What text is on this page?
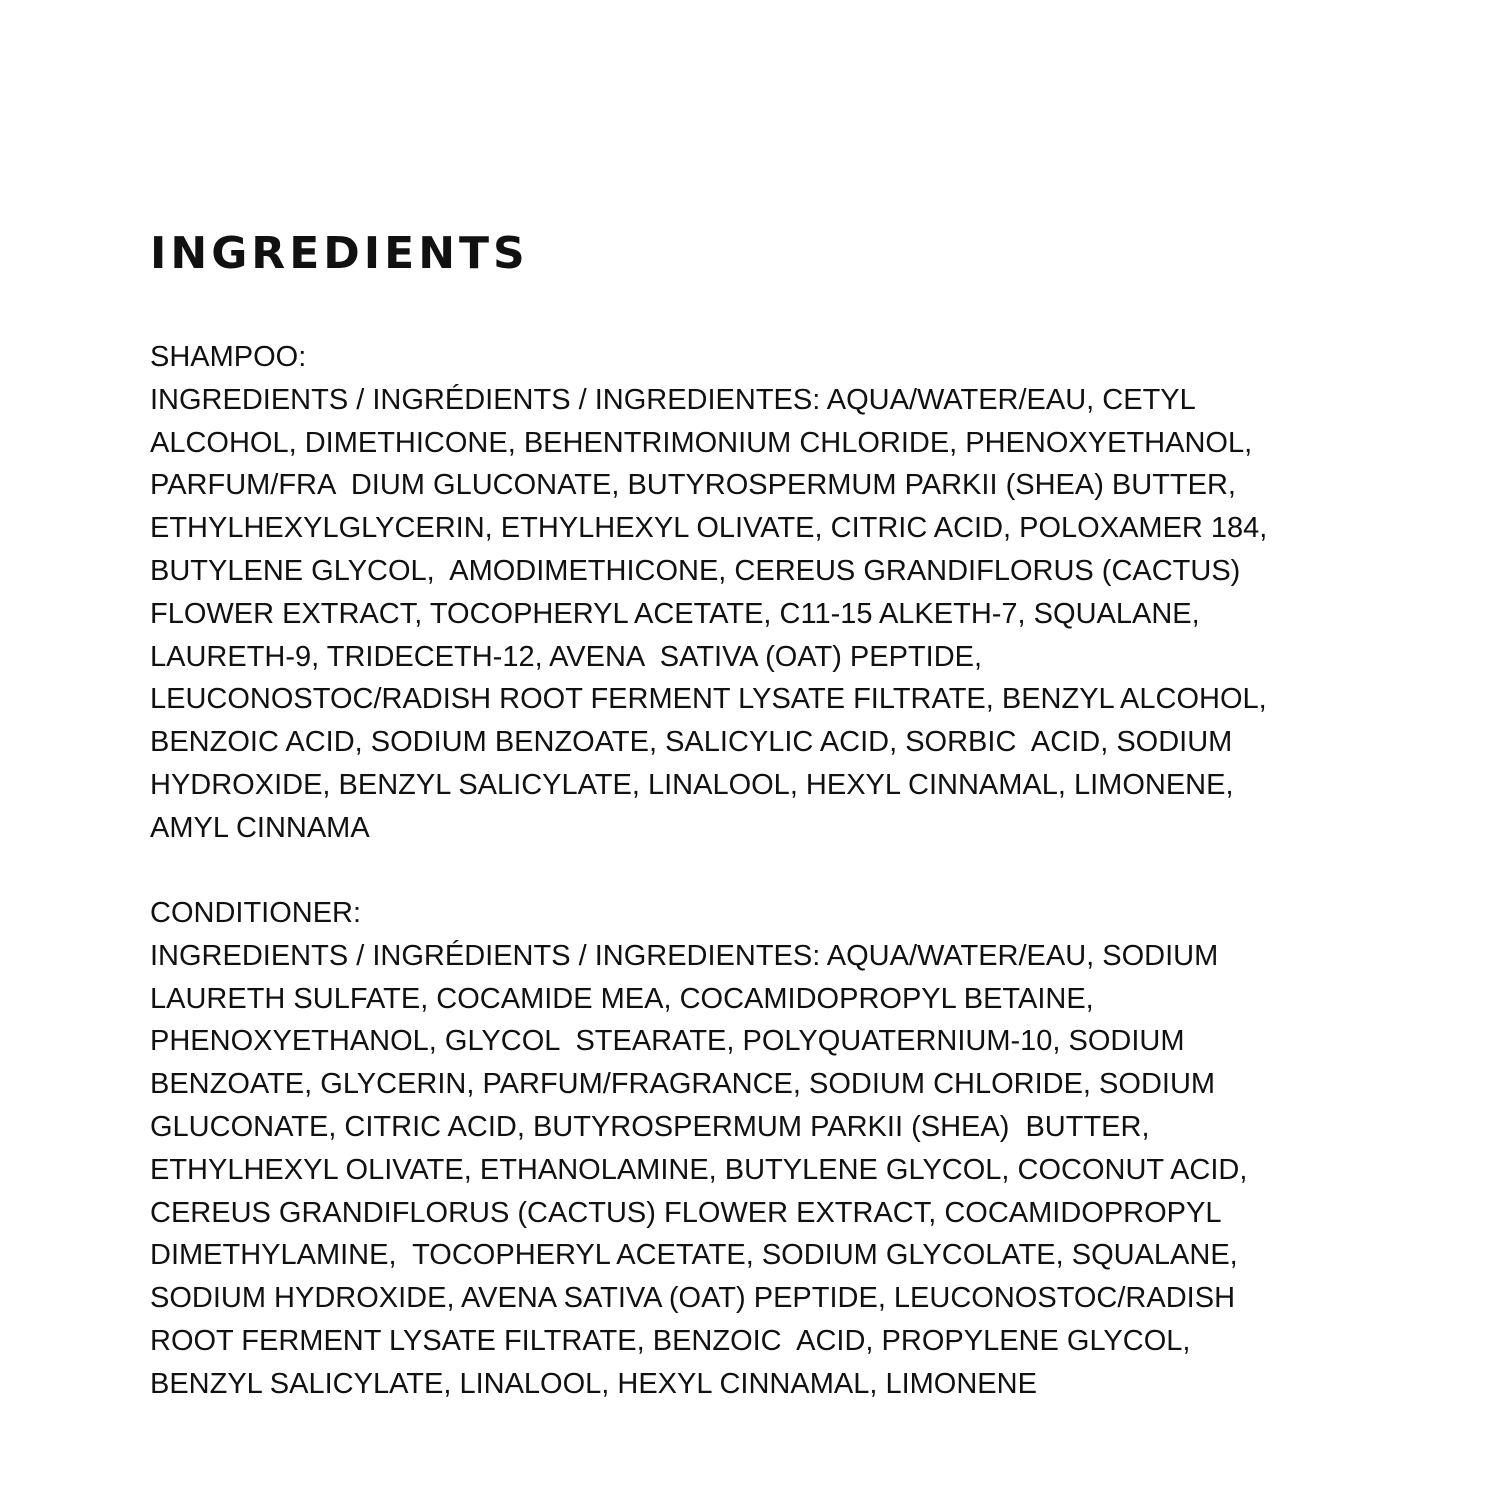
INGREDIENTS

SHAMPOO:

INGREDIENTS / INGRÉDIENTS / INGREDIENTES: AQUA/WATER/EAU, CETYL

ALCOHOL, DIMETHICONE, BEHENTRIMONIUM CHLORIDE, PHENOXYETHANOL,

PARFUM/FRA  DIUM GLUCONATE, BUTYROSPERMUM PARKII (SHEA) BUTTER,

ETHYLHEXYLGLYCERIN, ETHYLHEXYL OLIVATE, CITRIC ACID, POLOXAMER 184,

BUTYLENE GLYCOL,  AMODIMETHICONE, CEREUS GRANDIFLORUS (CACTUS)

FLOWER EXTRACT, TOCOPHERYL ACETATE, C11-15 ALKETH-7, SQUALANE,

LAURETH-9, TRIDECETH-12, AVENA  SATIVA (OAT) PEPTIDE,

LEUCONOSTOC/RADISH ROOT FERMENT LYSATE FILTRATE, BENZYL ALCOHOL,

BENZOIC ACID, SODIUM BENZOATE, SALICYLIC ACID, SORBIC  ACID, SODIUM

HYDROXIDE, BENZYL SALICYLATE, LINALOOL, HEXYL CINNAMAL, LIMONENE,

AMYL CINNAMA

CONDITIONER:

INGREDIENTS / INGRÉDIENTS / INGREDIENTES: AQUA/WATER/EAU, SODIUM

LAURETH SULFATE, COCAMIDE MEA, COCAMIDOPROPYL BETAINE,

PHENOXYETHANOL, GLYCOL  STEARATE, POLYQUATERNIUM-10, SODIUM

BENZOATE, GLYCERIN, PARFUM/FRAGRANCE, SODIUM CHLORIDE, SODIUM

GLUCONATE, CITRIC ACID, BUTYROSPERMUM PARKII (SHEA)  BUTTER,

ETHYLHEXYL OLIVATE, ETHANOLAMINE, BUTYLENE GLYCOL, COCONUT ACID,

CEREUS GRANDIFLORUS (CACTUS) FLOWER EXTRACT, COCAMIDOPROPYL

DIMETHYLAMINE,  TOCOPHERYL ACETATE, SODIUM GLYCOLATE, SQUALANE,

SODIUM HYDROXIDE, AVENA SATIVA (OAT) PEPTIDE, LEUCONOSTOC/RADISH

ROOT FERMENT LYSATE FILTRATE, BENZOIC  ACID, PROPYLENE GLYCOL,

BENZYL SALICYLATE, LINALOOL, HEXYL CINNAMAL, LIMONENE
